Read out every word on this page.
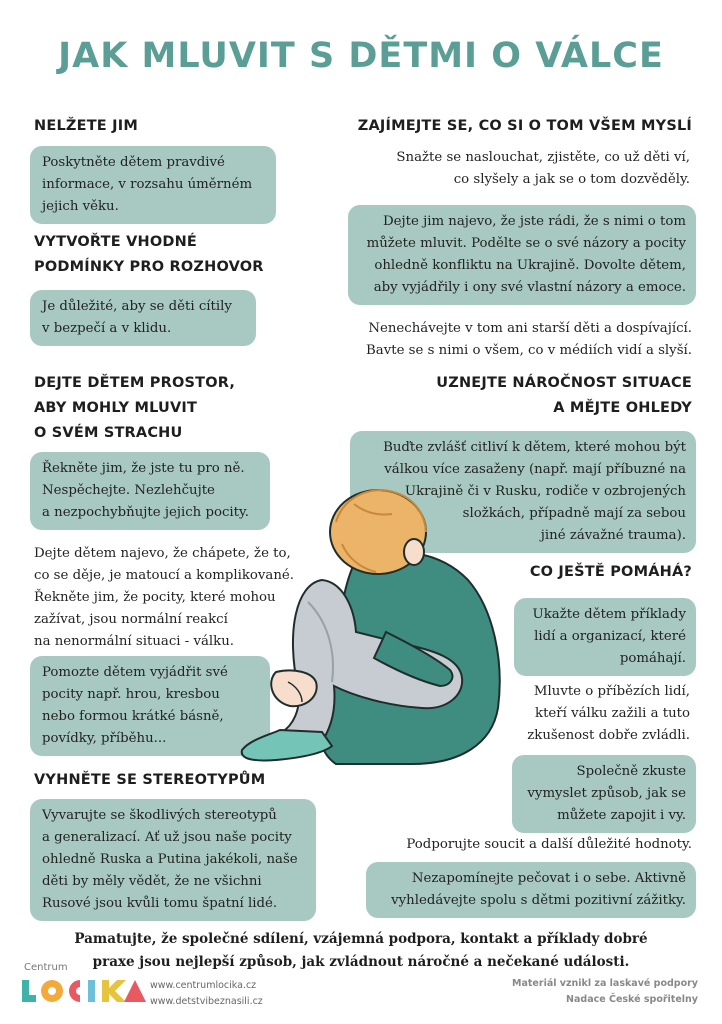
JAK MLUVIT S DĚTMI O VÁLCE
NELŽETE JIM
Poskytněte dětem pravdivé
informace, v rozsahu úměrném
jejich věku.
VYTVOŘTE VHODNÉ
PODMÍNKY PRO ROZHOVOR
Je důležité, aby se děti cítily
v bezpečí a v klidu.
DEJTE DĚTEM PROSTOR,
ABY MOHLY MLUVIT
O SVÉM STRACHU
Řekněte jim, že jste tu pro ně.
Nespěchejte. Nezlehčujte
a nezpochybňujte jejich pocity.
Dejte dětem najevo, že chápete, že to,
co se děje, je matoucí a komplikované.
Řekněte jim, že pocity, které mohou
zažívat, jsou normální reakcí
na nenormální situaci - válku.
Pomozte dětem vyjádřit své
pocity např. hrou, kresbou
nebo formou krátké básně,
povídky, příběhu...
VYHNĚTE SE STEREOTYPŮM
Vyvarujte se škodlivých stereotypů
a generalizací. Ať už jsou naše pocity
ohledně Ruska a Putina jakékoli, naše
děti by měly vědět, že ne všichni
Rusové jsou kvůli tomu špatní lidé.
ZAJÍMEJTE SE, CO SI O TOM VŠEM MYSLÍ
Snažte se naslouchat, zjistěte, co už děti ví,
co slyšely a jak se o tom dozvěděly.
Dejte jim najevo, že jste rádi, že s nimi o tom
můžete mluvit. Podělte se o své názory a pocity
ohledně konfliktu na Ukrajině. Dovolte dětem,
aby vyjádřily i ony své vlastní názory a emoce.
Nenechávejte v tom ani starší děti a dospívající.
Bavte se s nimi o všem, co v médiích vidí a slyší.
UZNEJTE NÁROČNOST SITUACE
A MĚJTE OHLEDY
Buďte zvlášť citliví k dětem, které mohou být
válkou více zasaženy (např. mají příbuzné na
Ukrajině či v Rusku, rodiče v ozbrojených
složkách, případně mají za sebou
jiné závažné trauma).
CO JEŠTĚ POMÁHÁ?
Ukažte dětem příklady
lidí a organizací, které
pomáhají.
Mluvte o příbězích lidí,
kteří válku zažili a tuto
zkušenost dobře zvládli.
Společně zkuste
vymyslet způsob, jak se
můžete zapojit i vy.
Podporujte soucit a další důležité hodnoty.
Nezapomínejte pečovat i o sebe. Aktivně
vyhledávejte spolu s dětmi pozitivní zážitky.
Pamatujte, že společné sdílení, vzájemná podpora, kontakt a příklady dobré
praxe jsou nejlepší způsob, jak zvládnout náročné a nečekané události.
Centrum
www.centrumlocika.cz
www.detstvibeznasili.cz
Materiál vznikl za laskavé podpory
Nadace České spořitelny
